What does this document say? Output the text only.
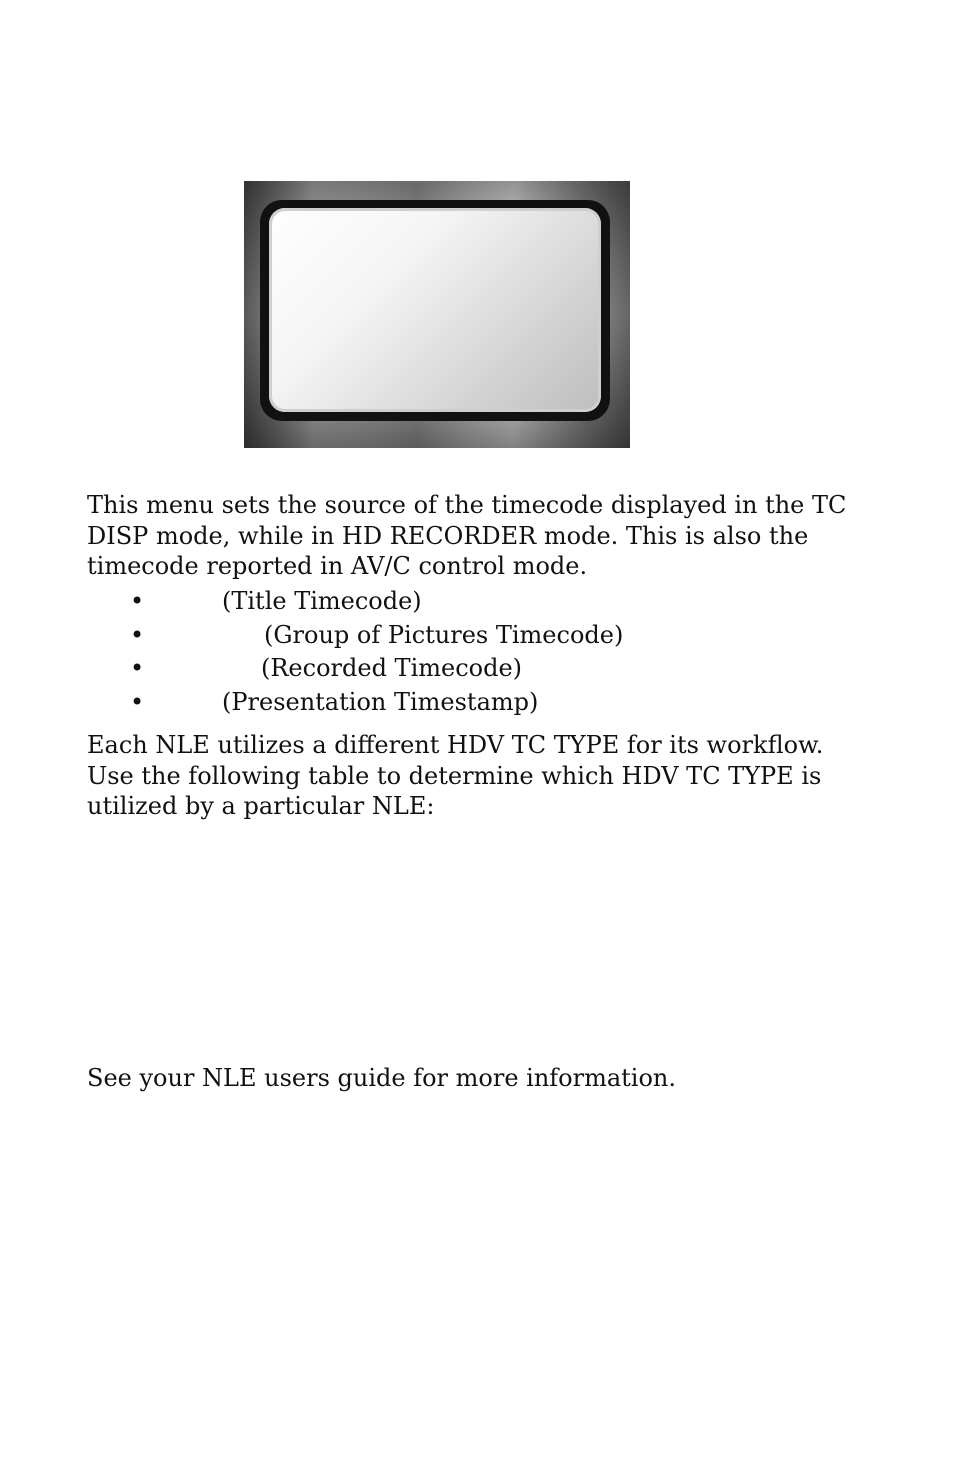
This menu sets the source of the timecode displayed in the TC DISP mode, while in HD RECORDER mode. This is also the timecode reported in AV/C control mode.

•	(Title Timecode)
•	(Group of Pictures Timecode)
•	(Recorded Timecode)
•	(Presentation Timestamp)

Each NLE utilizes a different HDV TC TYPE for its workflow. Use the following table to determine which HDV TC TYPE is utilized by a particular NLE:

See your NLE users guide for more information.
